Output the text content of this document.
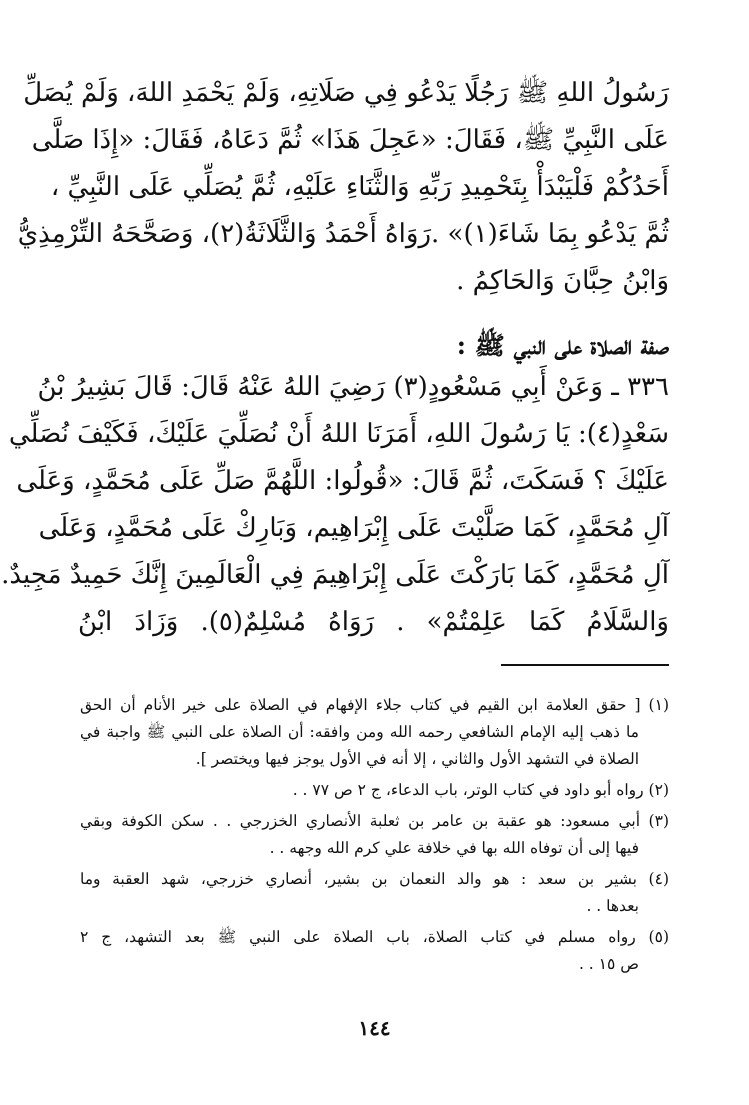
رَسُولُ اللهِ ﷺ رَجُلًا يَدْعُو فِي صَلَاتِهِ، وَلَمْ يَحْمَدِ اللهَ، وَلَمْ يُصَلِّ
عَلَى النَّبِيِّ ﷺ، فَقَالَ: «عَجِلَ هَذَا» ثُمَّ دَعَاهُ، فَقَالَ: «إِذَا صَلَّى
أَحَدُكُمْ فَلْيَبْدَأْ بِتَحْمِيدِ رَبِّهِ وَالثَّنَاءِ عَلَيْهِ، ثُمَّ يُصَلِّي عَلَى النَّبِيِّ ،
ثُمَّ يَدْعُو بِمَا شَاءَ(١)» .رَوَاهُ أَحْمَدُ وَالثَّلَاثَةُ(٢)، وَصَحَّحَهُ التِّرْمِذِيُّ
وَابْنُ حِبَّانَ وَالحَاكِمُ .
صفة الصلاة على النبي ﷺ :
٣٣٦ ـ وَعَنْ أَبِي مَسْعُودٍ(٣) رَضِيَ اللهُ عَنْهُ قَالَ: قَالَ بَشِيرُ بْنُ
سَعْدٍ(٤): يَا رَسُولَ اللهِ، أَمَرَنَا اللهُ أَنْ نُصَلِّيَ عَلَيْكَ، فَكَيْفَ نُصَلِّي
عَلَيْكَ ؟ فَسَكَتَ، ثُمَّ قَالَ: «قُولُوا: اللَّهُمَّ صَلِّ عَلَى مُحَمَّدٍ، وَعَلَى
آلِ مُحَمَّدٍ، كَمَا صَلَّيْتَ عَلَى إِبْرَاهِيم، وَبَارِكْ عَلَى مُحَمَّدٍ، وَعَلَى
آلِ مُحَمَّدٍ، كَمَا بَارَكْتَ عَلَى إِبْرَاهِيمَ فِي الْعَالَمِينَ إِنَّكَ حَمِيدٌ مَجِيدٌ.
وَالسَّلَامُ كَمَا عَلِمْتُمْ» . رَوَاهُ مُسْلِمٌ(٥). وَزَادَ ابْنُ
(١) [ حقق العلامة ابن القيم في كتاب جلاء الإفهام في الصلاة على خير الأنام أن الحق
ما ذهب إليه الإمام الشافعي رحمه الله ومن وافقه: أن الصلاة على النبي ﷺ واجبة في
الصلاة في التشهد الأول والثاني ، إلا أنه في الأول يوجز فيها ويختصر ].
(٢) رواه أبو داود في كتاب الوتر، باب الدعاء، ج ٢ ص ٧٧ . .
(٣) أبي مسعود: هو عقبة بن عامر بن ثعلبة الأنصاري الخزرجي . . سكن الكوفة وبقي
فيها إلى أن توفاه الله بها في خلافة علي كرم الله وجهه . .
(٤) بشير بن سعد : هو والد النعمان بن بشير، أنصاري خزرجي، شهد العقبة وما
بعدها . .
(٥) رواه مسلم في كتاب الصلاة، باب الصلاة على النبي ﷺ بعد التشهد، ج ٢
ص ١٥ . .
١٤٤
